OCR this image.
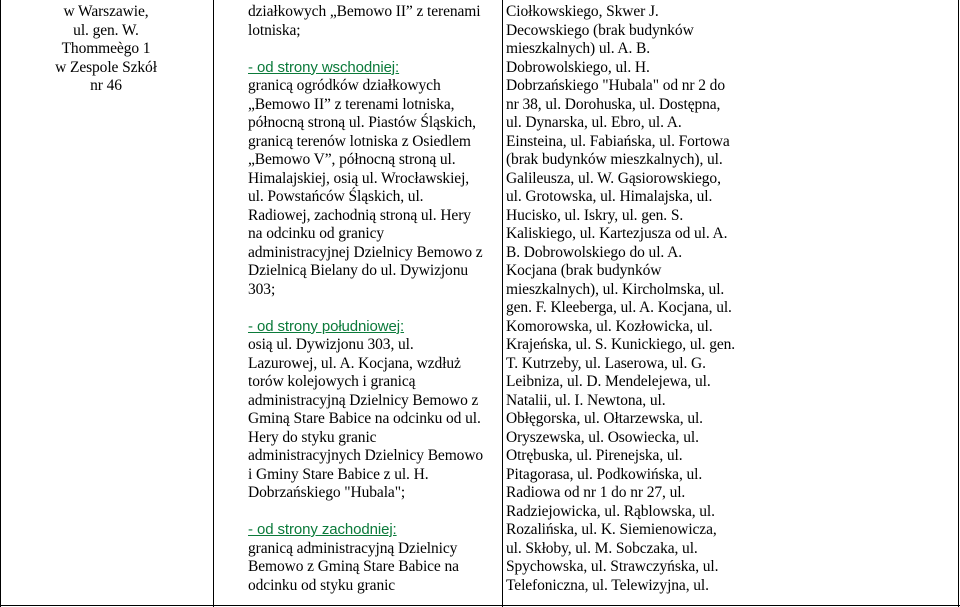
w Warszawie,
ul. gen. W.
Thommeègo 1
w Zespole Szkół
nr 46
działkowych „Bemowo II” z terenami
lotniska;
- od strony wschodniej:
granicą ogródków działkowych
„Bemowo II” z terenami lotniska,
północną stroną ul. Piastów Śląskich,
granicą terenów lotniska z Osiedlem
„Bemowo V”, północną stroną ul.
Himalajskiej, osią ul. Wrocławskiej,
ul. Powstańców Śląskich, ul.
Radiowej, zachodnią stroną ul. Hery
na odcinku od granicy
administracyjnej Dzielnicy Bemowo z
Dzielnicą Bielany do ul. Dywizjonu
303;
- od strony południowej:
osią ul. Dywizjonu 303, ul.
Lazurowej, ul. A. Kocjana, wzdłuż
torów kolejowych i granicą
administracyjną Dzielnicy Bemowo z
Gminą Stare Babice na odcinku od ul.
Hery do styku granic
administracyjnych Dzielnicy Bemowo
i Gminy Stare Babice z ul. H.
Dobrzańskiego "Hubala";
- od strony zachodniej:
granicą administracyjną Dzielnicy
Bemowo z Gminą Stare Babice na
odcinku od styku granic
Ciołkowskiego, Skwer J.
Decowskiego (brak budynków
mieszkalnych) ul. A. B.
Dobrowolskiego, ul. H.
Dobrzańskiego "Hubala" od nr 2 do
nr 38, ul. Dorohuska, ul. Dostępna,
ul. Dynarska, ul. Ebro, ul. A.
Einsteina, ul. Fabiańska, ul. Fortowa
(brak budynków mieszkalnych), ul.
Galileusza, ul. W. Gąsiorowskiego,
ul. Grotowska, ul. Himalajska, ul.
Hucisko, ul. Iskry, ul. gen. S.
Kaliskiego, ul. Kartezjusza od ul. A.
B. Dobrowolskiego do ul. A.
Kocjana (brak budynków
mieszkalnych), ul. Kircholmska, ul.
gen. F. Kleeberga, ul. A. Kocjana, ul.
Komorowska, ul. Kozłowicka, ul.
Krajeńska, ul. S. Kunickiego, ul. gen.
T. Kutrzeby, ul. Laserowa, ul. G.
Leibniza, ul. D. Mendelejewa, ul.
Natalii, ul. I. Newtona, ul.
Obłęgorska, ul. Ołtarzewska, ul.
Oryszewska, ul. Osowiecka, ul.
Otrębuska, ul. Pirenejska, ul.
Pitagorasa, ul. Podkowińska, ul.
Radiowa od nr 1 do nr 27, ul.
Radziejowicka, ul. Rąblowska, ul.
Rozalińska, ul. K. Siemienowicza,
ul. Skłoby, ul. M. Sobczaka, ul.
Spychowska, ul. Strawczyńska, ul.
Telefoniczna, ul. Telewizyjna, ul.
